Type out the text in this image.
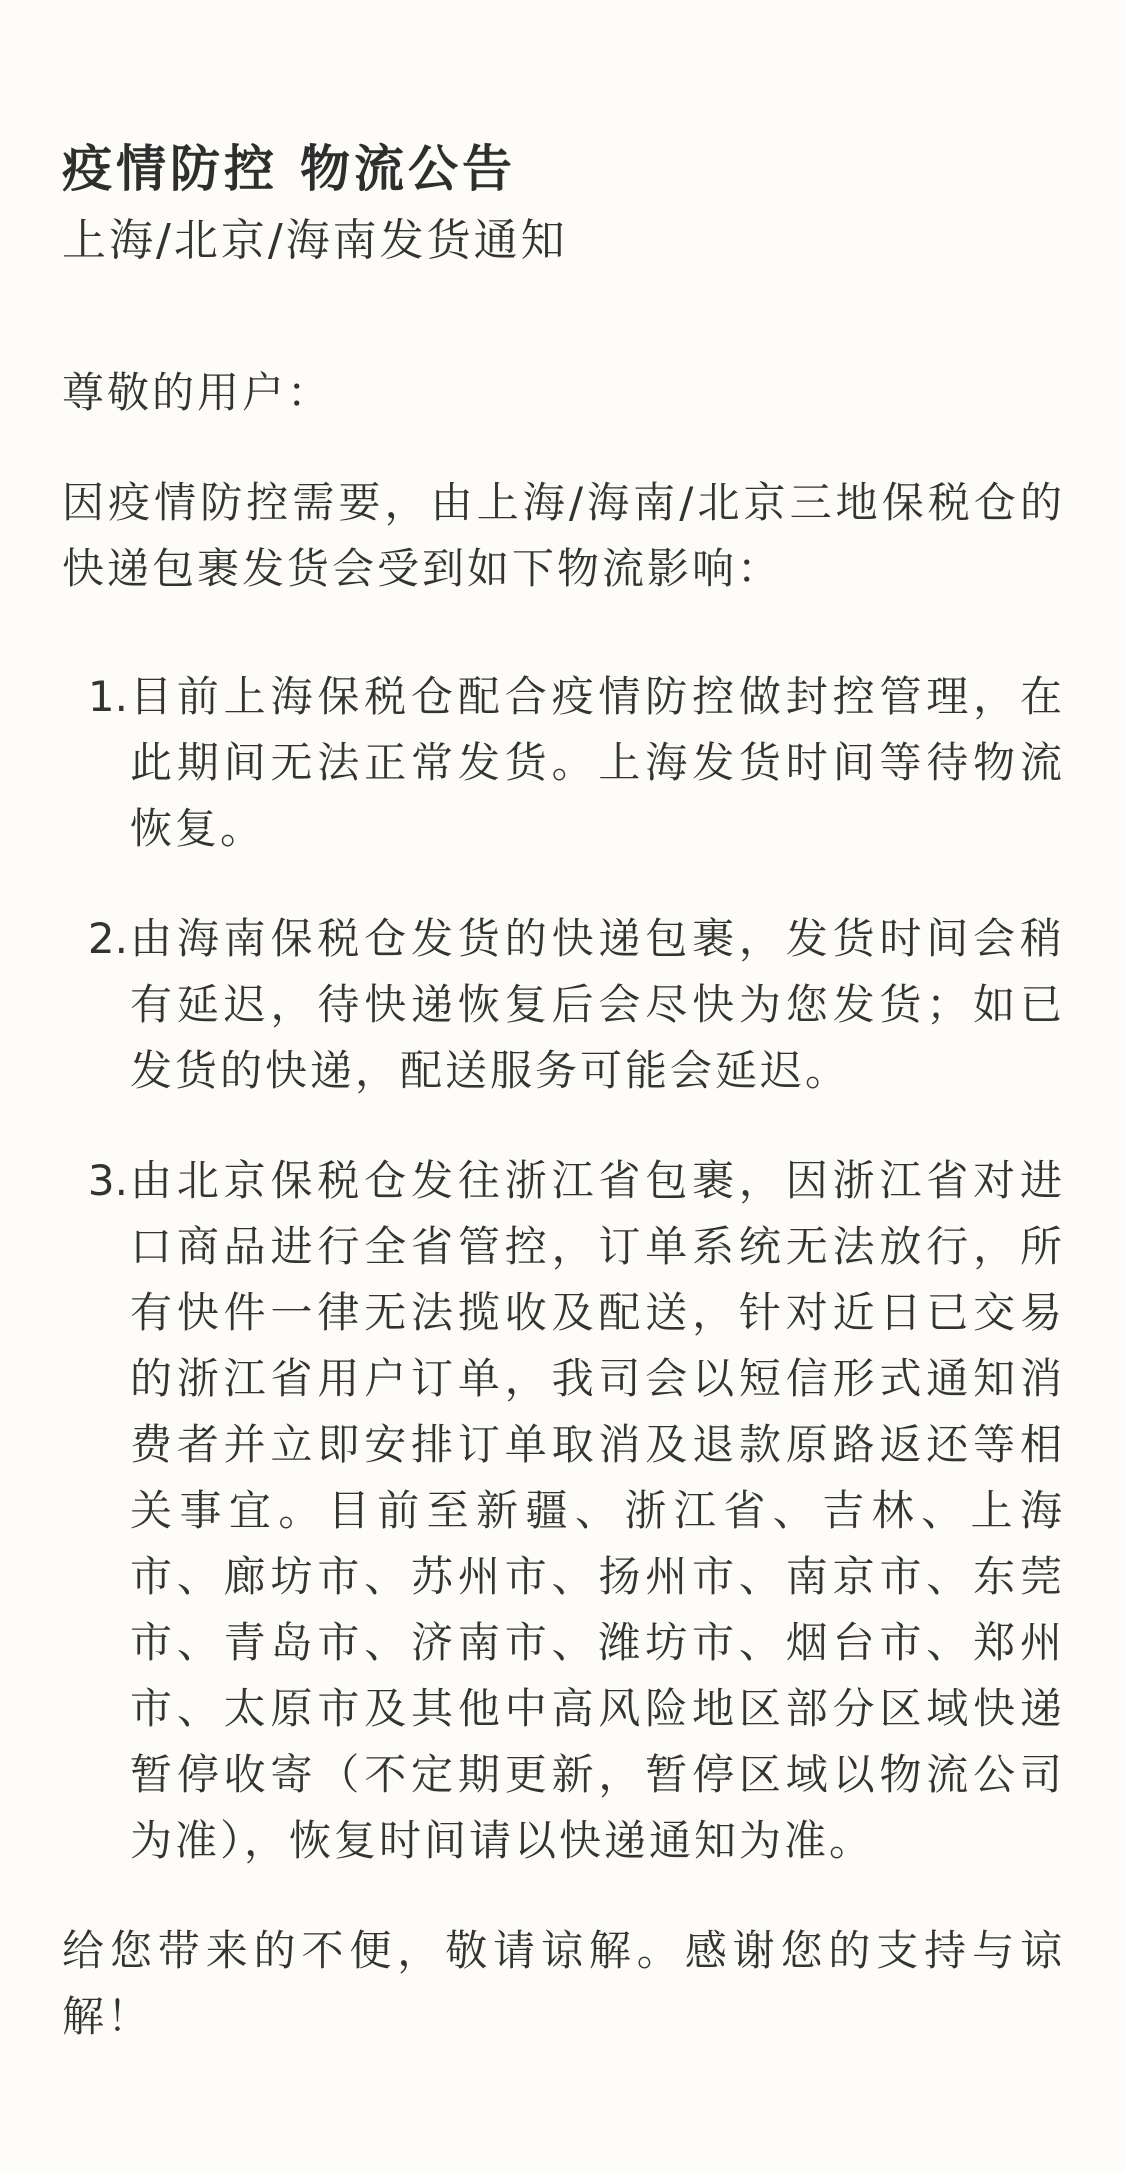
疫情防控 物流公告

上海/北京/海南发货通知

尊敬的用户：
因疫情防控需要，由上海/海南/北京三地保税仓的快递包裹发货会受到如下物流影响：
1. 目前上海保税仓配合疫情防控做封控管理，在此期间无法正常发货。上海发货时间等待物流恢复。
2. 由海南保税仓发货的快递包裹，发货时间会稍有延迟，待快递恢复后会尽快为您发货；如已发货的快递，配送服务可能会延迟。
3. 由北京保税仓发往浙江省包裹，因浙江省对进口商品进行全省管控，订单系统无法放行，所有快件一律无法揽收及配送，针对近日已交易的浙江省用户订单，我司会以短信形式通知消费者并立即安排订单取消及退款原路返还等相关事宜。目前至新疆、浙江省、吉林、上海市、廊坊市、苏州市、扬州市、南京市、东莞市、青岛市、济南市、潍坊市、烟台市、郑州市、太原市及其他中高风险地区部分区域快递暂停收寄（不定期更新，暂停区域以物流公司为准），恢复时间请以快递通知为准。
给您带来的不便，敬请谅解。感谢您的支持与谅解！
